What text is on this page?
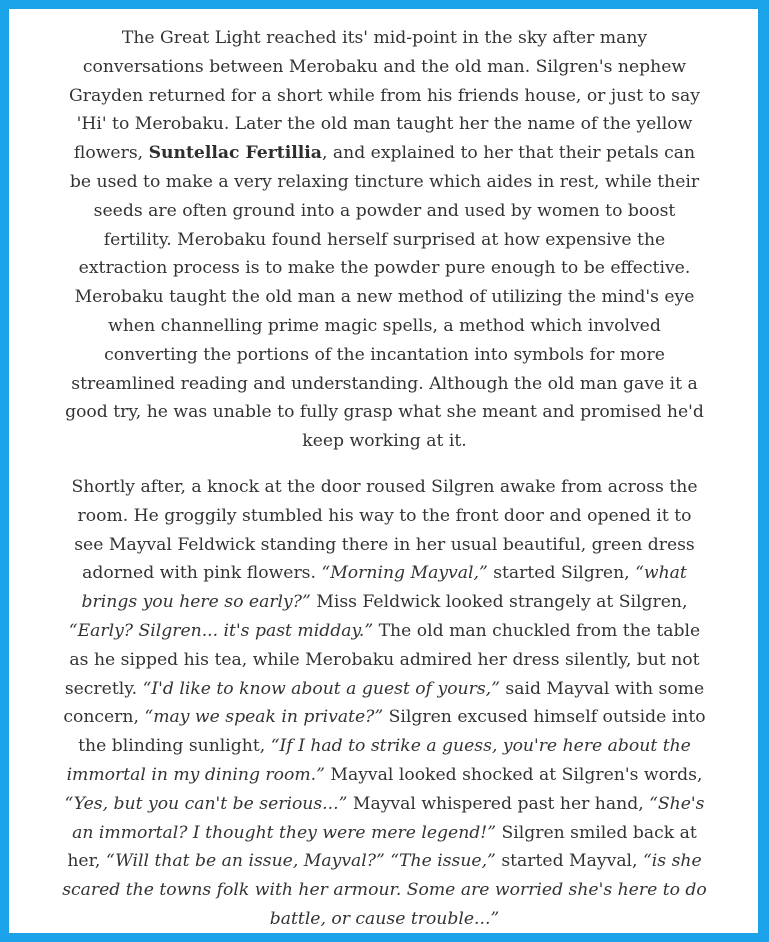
The Great Light reached its' mid-point in the sky after many conversations between Merobaku and the old man. Silgren's nephew Grayden returned for a short while from his friends house, or just to say 'Hi' to Merobaku. Later the old man taught her the name of the yellow flowers, Suntellac Fertillia, and explained to her that their petals can be used to make a very relaxing tincture which aides in rest, while their seeds are often ground into a powder and used by women to boost fertility. Merobaku found herself surprised at how expensive the extraction process is to make the powder pure enough to be effective. Merobaku taught the old man a new method of utilizing the mind's eye when channelling prime magic spells, a method which involved converting the portions of the incantation into symbols for more streamlined reading and understanding. Although the old man gave it a good try, he was unable to fully grasp what she meant and promised he'd keep working at it.

Shortly after, a knock at the door roused Silgren awake from across the room. He groggily stumbled his way to the front door and opened it to see Mayval Feldwick standing there in her usual beautiful, green dress adorned with pink flowers. “Morning Mayval,” started Silgren, “what brings you here so early?” Miss Feldwick looked strangely at Silgren, “Early? Silgren... it's past midday.” The old man chuckled from the table as he sipped his tea, while Merobaku admired her dress silently, but not secretly. “I'd like to know about a guest of yours,” said Mayval with some concern, “may we speak in private?” Silgren excused himself outside into the blinding sunlight, “If I had to strike a guess, you're here about the immortal in my dining room.” Mayval looked shocked at Silgren's words, “Yes, but you can't be serious...” Mayval whispered past her hand, “She's an immortal? I thought they were mere legend!” Silgren smiled back at her, “Will that be an issue, Mayval?” “The issue,” started Mayval, “is she scared the towns folk with her armour. Some are worried she's here to do battle, or cause trouble...”
